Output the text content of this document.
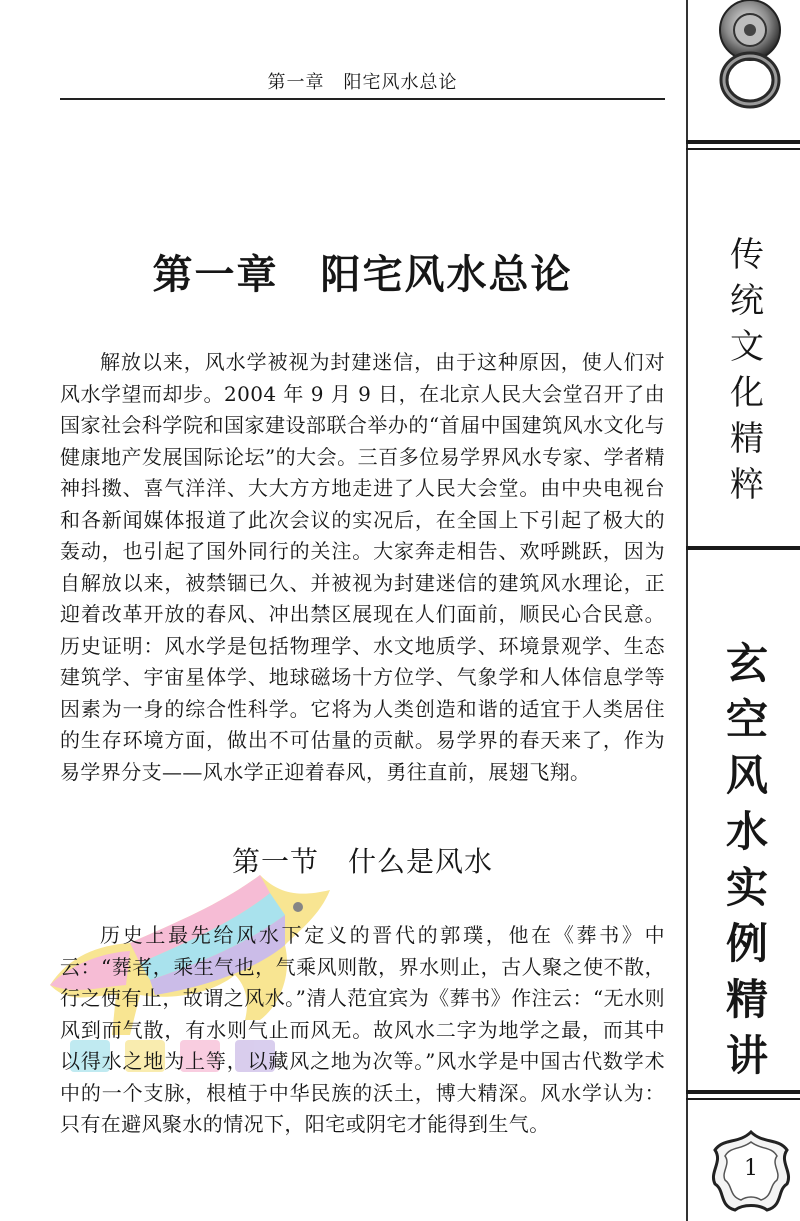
第一章　阳宅风水总论
传
统
文
化
精
粹
玄
空
风
水
实
例
精
讲
1
第一章　阳宅风水总论

解放以来，风水学被视为封建迷信，由于这种原因，使人们对风水学望而却步。2004 年 9 月 9 日，在北京人民大会堂召开了由国家社会科学院和国家建设部联合举办的“首届中国建筑风水文化与健康地产发展国际论坛”的大会。三百多位易学界风水专家、学者精神抖擞、喜气洋洋、大大方方地走进了人民大会堂。由中央电视台和各新闻媒体报道了此次会议的实况后，在全国上下引起了极大的轰动，也引起了国外同行的关注。大家奔走相告、欢呼跳跃，因为自解放以来，被禁锢已久、并被视为封建迷信的建筑风水理论，正迎着改革开放的春风、冲出禁区展现在人们面前，顺民心合民意。历史证明：风水学是包括物理学、水文地质学、环境景观学、生态建筑学、宇宙星体学、地球磁场十方位学、气象学和人体信息学等因素为一身的综合性科学。它将为人类创造和谐的适宜于人类居住的生存环境方面，做出不可估量的贡献。易学界的春天来了，作为易学界分支——风水学正迎着春风，勇往直前，展翅飞翔。

第一节　什么是风水

历史上最先给风水下定义的晋代的郭璞，他在《葬书》中云：“葬者，乘生气也，气乘风则散，界水则止，古人聚之使不散，行之使有止，故谓之风水。”清人范宜宾为《葬书》作注云：“无水则风到而气散，有水则气止而风无。故风水二字为地学之最，而其中以得水之地为上等，以藏风之地为次等。”风水学是中国古代数学术中的一个支脉，根植于中华民族的沃土，博大精深。风水学认为：只有在避风聚水的情况下，阳宅或阴宅才能得到生气。
